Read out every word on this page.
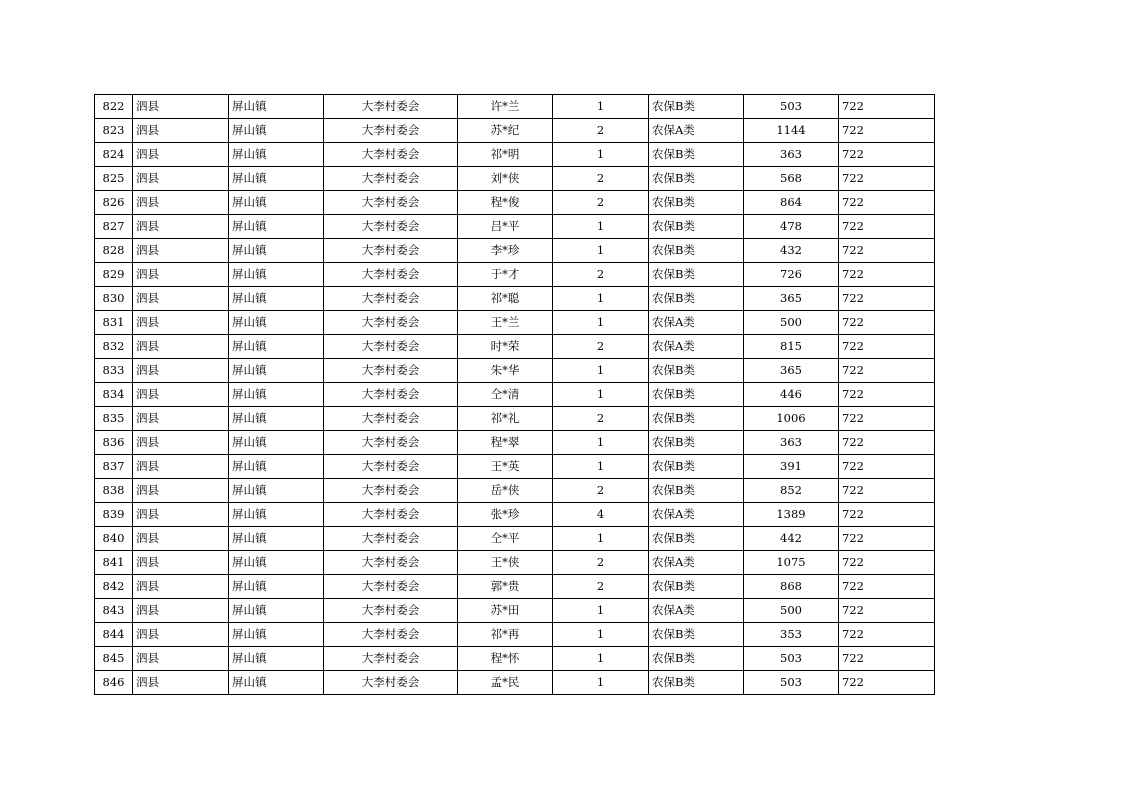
822	泗县	屏山镇	大李村委会	许*兰	1	农保B类	503	722
823	泗县	屏山镇	大李村委会	苏*纪	2	农保A类	1144	722
824	泗县	屏山镇	大李村委会	祁*明	1	农保B类	363	722
825	泗县	屏山镇	大李村委会	刘*侠	2	农保B类	568	722
826	泗县	屏山镇	大李村委会	程*俊	2	农保B类	864	722
827	泗县	屏山镇	大李村委会	吕*平	1	农保B类	478	722
828	泗县	屏山镇	大李村委会	李*珍	1	农保B类	432	722
829	泗县	屏山镇	大李村委会	于*才	2	农保B类	726	722
830	泗县	屏山镇	大李村委会	祁*聪	1	农保B类	365	722
831	泗县	屏山镇	大李村委会	王*兰	1	农保A类	500	722
832	泗县	屏山镇	大李村委会	时*荣	2	农保A类	815	722
833	泗县	屏山镇	大李村委会	朱*华	1	农保B类	365	722
834	泗县	屏山镇	大李村委会	仝*清	1	农保B类	446	722
835	泗县	屏山镇	大李村委会	祁*礼	2	农保B类	1006	722
836	泗县	屏山镇	大李村委会	程*翠	1	农保B类	363	722
837	泗县	屏山镇	大李村委会	王*英	1	农保B类	391	722
838	泗县	屏山镇	大李村委会	岳*侠	2	农保B类	852	722
839	泗县	屏山镇	大李村委会	张*珍	4	农保A类	1389	722
840	泗县	屏山镇	大李村委会	仝*平	1	农保B类	442	722
841	泗县	屏山镇	大李村委会	王*侠	2	农保A类	1075	722
842	泗县	屏山镇	大李村委会	郭*贵	2	农保B类	868	722
843	泗县	屏山镇	大李村委会	苏*田	1	农保A类	500	722
844	泗县	屏山镇	大李村委会	祁*再	1	农保B类	353	722
845	泗县	屏山镇	大李村委会	程*怀	1	农保B类	503	722
846	泗县	屏山镇	大李村委会	孟*民	1	农保B类	503	722
